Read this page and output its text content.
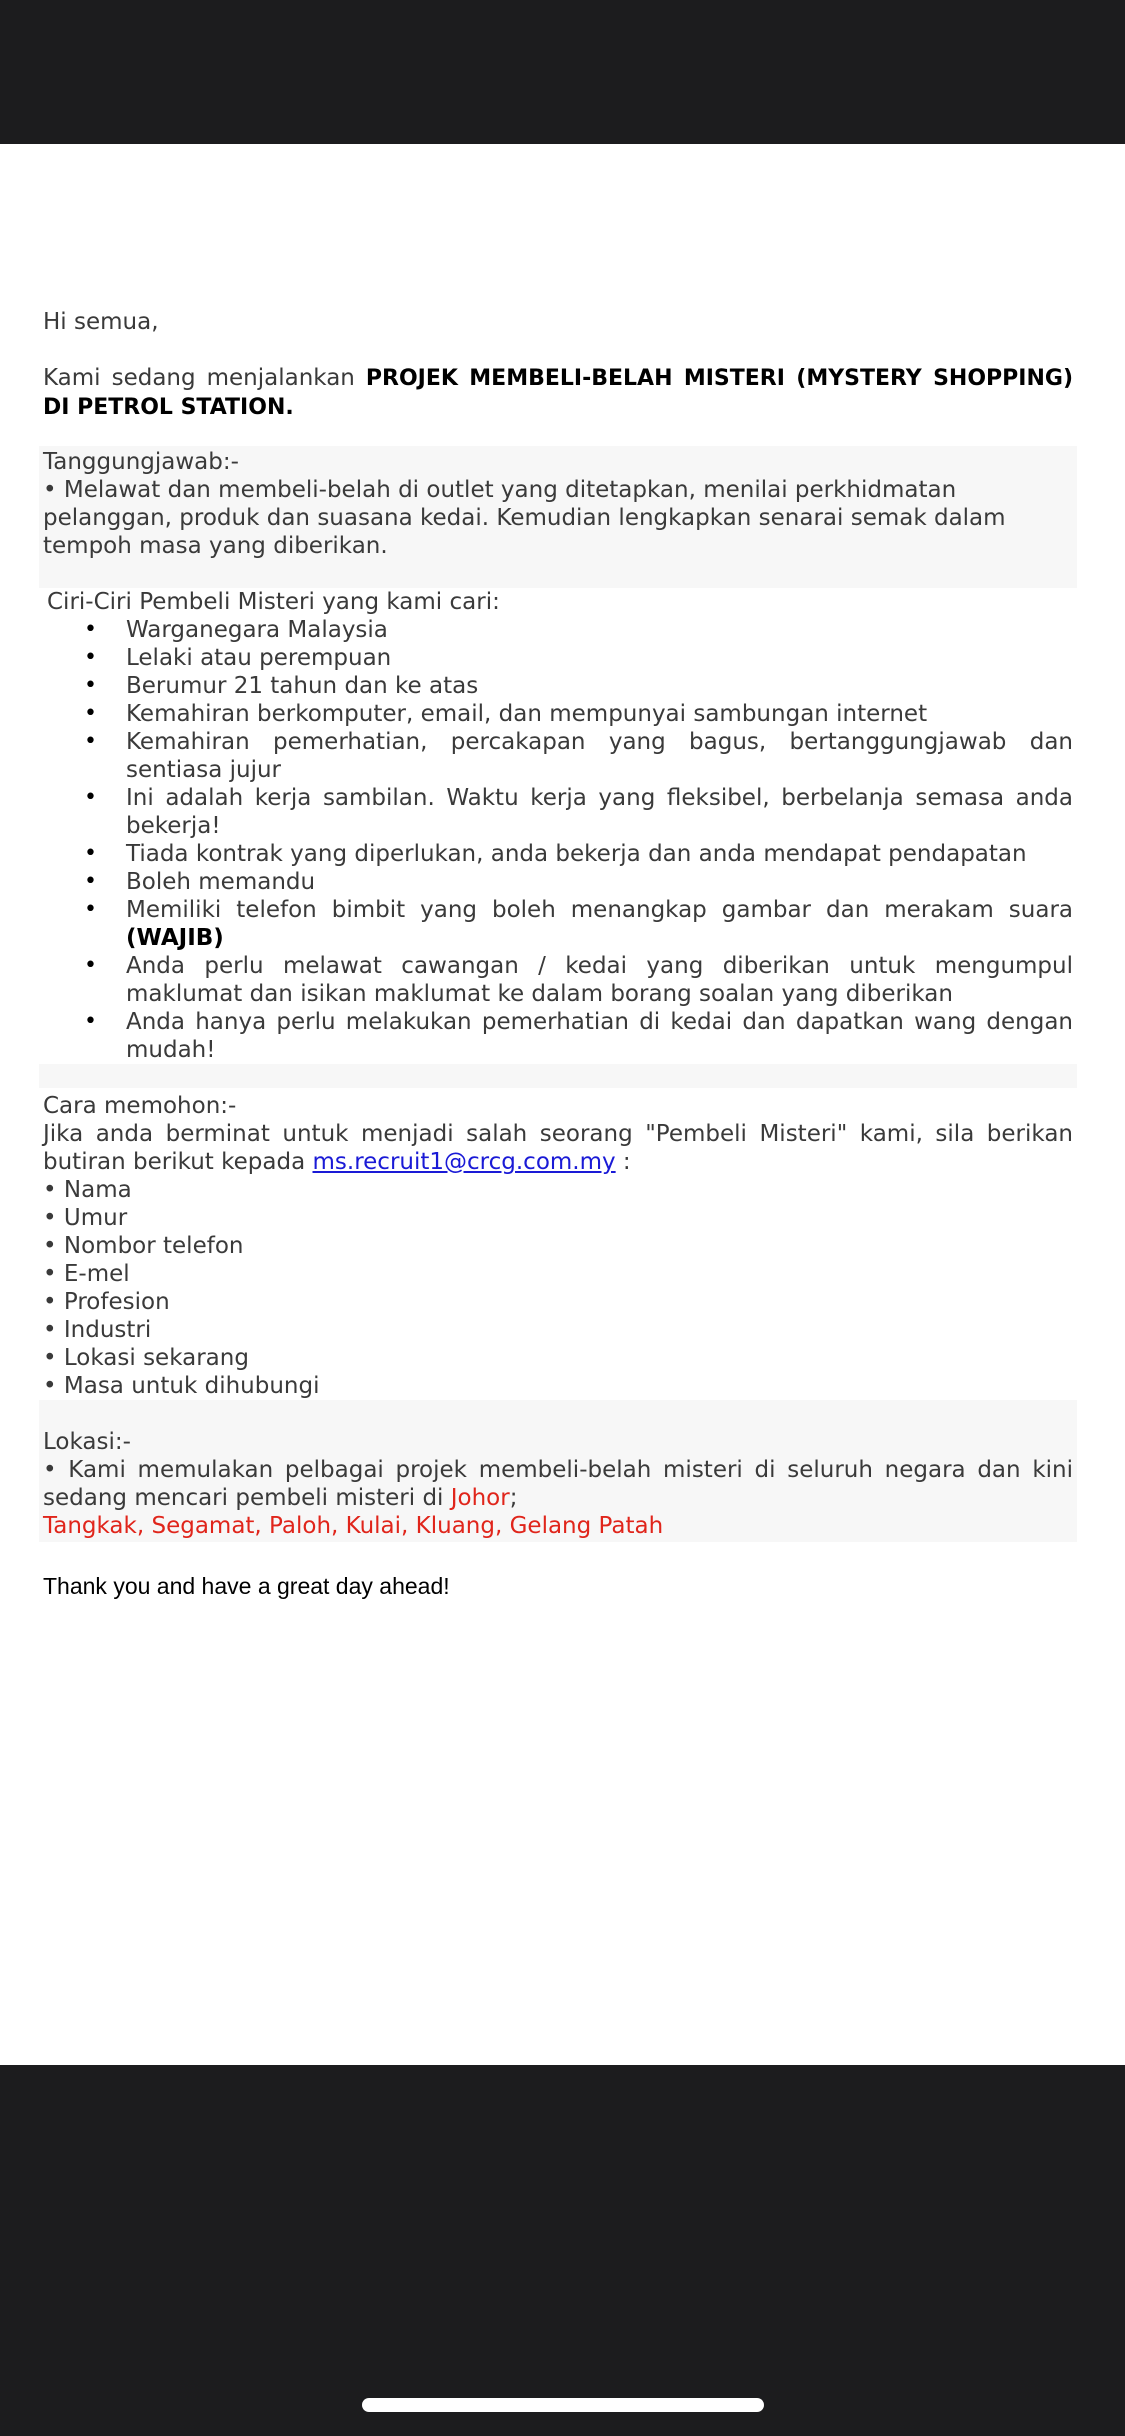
Hi semua,

Kami sedang menjalankan PROJEK MEMBELI-BELAH MISTERI (MYSTERY SHOPPING) DI PETROL STATION.

Tanggungjawab:-

• Melawat dan membeli-belah di outlet yang ditetapkan, menilai perkhidmatan pelanggan, produk dan suasana kedai. Kemudian lengkapkan senarai semak dalam tempoh masa yang diberikan.

Ciri-Ciri Pembeli Misteri yang kami cari:

• Warganegara Malaysia
• Lelaki atau perempuan
• Berumur 21 tahun dan ke atas
• Kemahiran berkomputer, email, dan mempunyai sambungan internet
• Kemahiran pemerhatian, percakapan yang bagus, bertanggungjawab dan sentiasa jujur
• Ini adalah kerja sambilan. Waktu kerja yang fleksibel, berbelanja semasa anda bekerja!
• Tiada kontrak yang diperlukan, anda bekerja dan anda mendapat pendapatan
• Boleh memandu
• Memiliki telefon bimbit yang boleh menangkap gambar dan merakam suara (WAJIB)
• Anda perlu melawat cawangan / kedai yang diberikan untuk mengumpul maklumat dan isikan maklumat ke dalam borang soalan yang diberikan
• Anda hanya perlu melakukan pemerhatian di kedai dan dapatkan wang dengan mudah!

Cara memohon:-

Jika anda berminat untuk menjadi salah seorang "Pembeli Misteri" kami, sila berikan butiran berikut kepada ms.recruit1@crcg.com.my :

• Nama
• Umur
• Nombor telefon
• E-mel
• Profesion
• Industri
• Lokasi sekarang
• Masa untuk dihubungi

Lokasi:-

• Kami memulakan pelbagai projek membeli-belah misteri di seluruh negara dan kini sedang mencari pembeli misteri di Johor;

Tangkak, Segamat, Paloh, Kulai, Kluang, Gelang Patah

Thank you and have a great day ahead!
